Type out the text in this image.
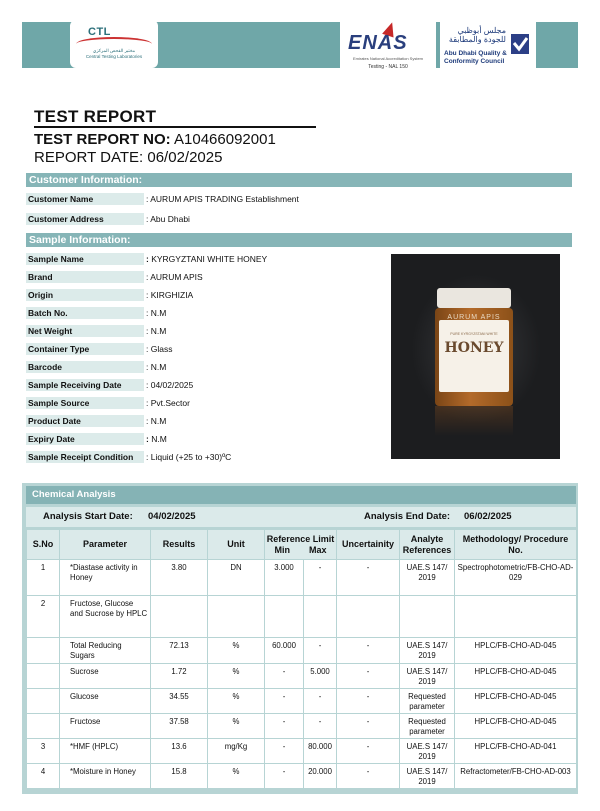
CTL
مختبر الفحص المركزي
Central Testing Laboratories
ENAS
Emirates National Accreditation System
Testing - NAL 150
مجلس أبوظبي للجودة والمطابقة
Abu Dhabi Quality & Conformity Council
TEST REPORT
TEST REPORT NO: A10466092001
REPORT DATE: 06/02/2025
Customer Information:
Customer Name	: AURUM APIS TRADING Establishment
Customer Address	: Abu Dhabi
Sample Information:
Sample Name	: KYRGYZTANI WHITE HONEY
Brand	: AURUM APIS
Origin	: KIRGHIZIA
Batch No.	: N.M
Net Weight	: N.M
Container Type	: Glass
Barcode	: N.M
Sample Receiving Date	: 04/02/2025
Sample Source	: Pvt.Sector
Product Date	: N.M
Expiry Date	: N.M
Sample Receipt Condition	: Liquid (+25 to +30)ºC
AURUM APIS
PURE KYRGYZSTANI WHITE
HONEY
Chemical Analysis
Analysis Start Date: 04/02/2025	Analysis End Date: 06/02/2025
S.No	Parameter	Results	Unit	Reference Limit
Min Max		Uncertainity	Analyte References	Methodology/ Procedure No.
1	*Diastase activity in Honey	3.80	DN	3.000	-	-	UAE.S 147/ 2019	Spectrophotometric/FB-CHO-AD-029
2	Fructose, Glucose and Sucrose by HPLC							
	Total Reducing Sugars	72.13	%	60.000	-	-	UAE.S 147/ 2019	HPLC/FB-CHO-AD-045
	Sucrose	1.72	%	-	5.000	-	UAE.S 147/ 2019	HPLC/FB-CHO-AD-045
	Glucose	34.55	%	-	-	-	Requested parameter	HPLC/FB-CHO-AD-045
	Fructose	37.58	%	-	-	-	Requested parameter	HPLC/FB-CHO-AD-045
3	*HMF (HPLC)	13.6	mg/Kg	-	80.000	-	UAE.S 147/ 2019	HPLC/FB-CHO-AD-041
4	*Moisture in Honey	15.8	%	-	20.000	-	UAE.S 147/ 2019	Refractometer/FB-CHO-AD-003
